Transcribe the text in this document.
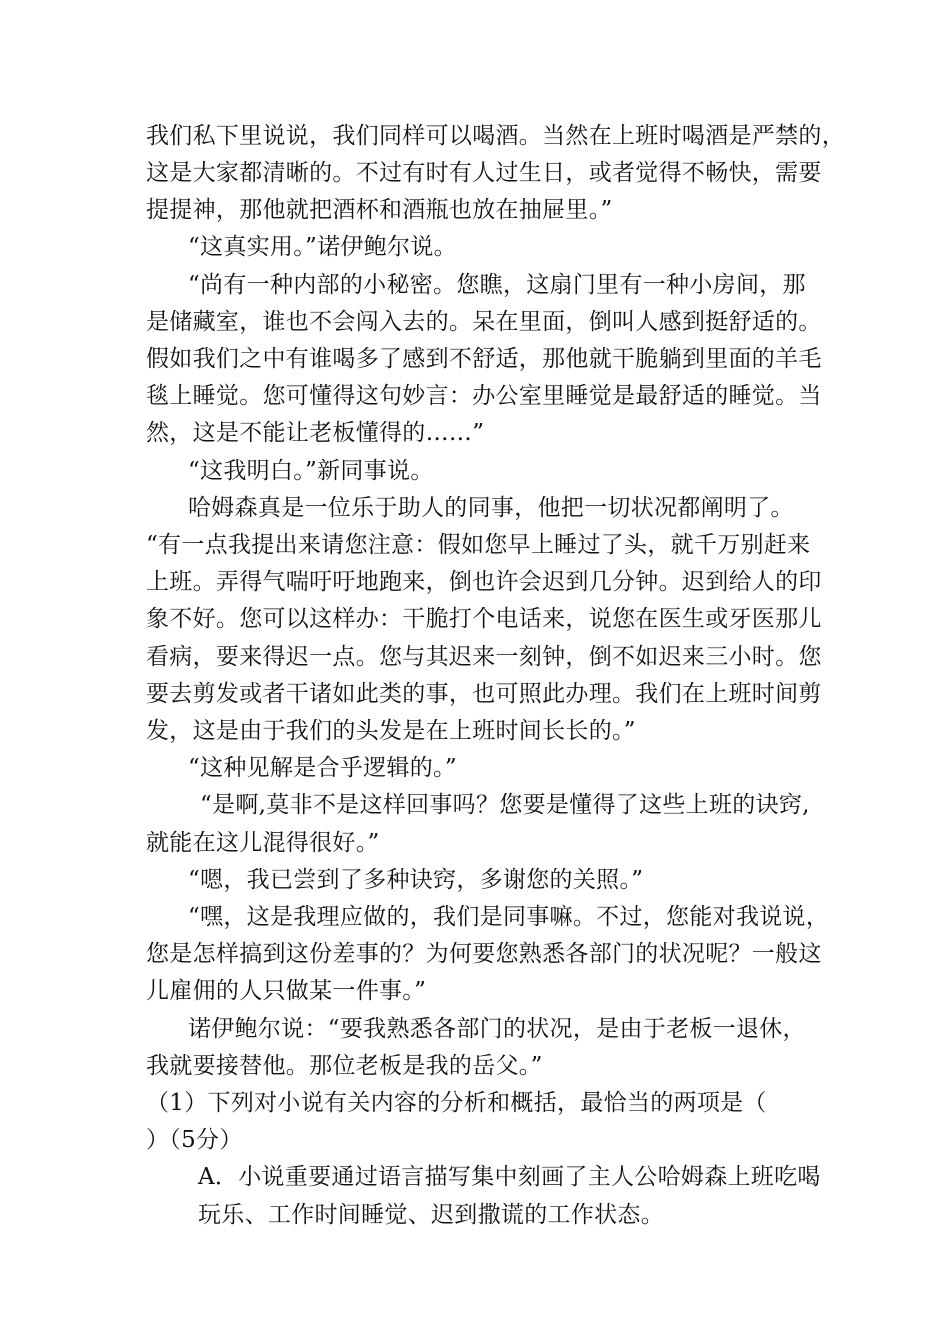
我们私下里说说，我们同样可以喝酒。当然在上班时喝酒是严禁的，
这是大家都清晰的。不过有时有人过生日，或者觉得不畅快，需要
提提神，那他就把酒杯和酒瓶也放在抽屉里。”
“这真实用。”诺伊鲍尔说。
“尚有一种内部的小秘密。您瞧，这扇门里有一种小房间，那
是储藏室，谁也不会闯入去的。呆在里面，倒叫人感到挺舒适的。
假如我们之中有谁喝多了感到不舒适，那他就干脆躺到里面的羊毛
毯上睡觉。您可懂得这句妙言：办公室里睡觉是最舒适的睡觉。当
然，这是不能让老板懂得的……”
“这我明白。”新同事说。
哈姆森真是一位乐于助人的同事，他把一切状况都阐明了。
“有一点我提出来请您注意：假如您早上睡过了头，就千万别赶来
上班。弄得气喘吁吁地跑来，倒也许会迟到几分钟。迟到给人的印
象不好。您可以这样办：干脆打个电话来，说您在医生或牙医那儿
看病，要来得迟一点。您与其迟来一刻钟，倒不如迟来三小时。您
要去剪发或者干诸如此类的事，也可照此办理。我们在上班时间剪
发，这是由于我们的头发是在上班时间长长的。”
“这种见解是合乎逻辑的。”
“是啊,莫非不是这样回事吗？您要是懂得了这些上班的诀窍,
就能在这儿混得很好。”
“嗯，我已尝到了多种诀窍，多谢您的关照。”
“嘿，这是我理应做的，我们是同事嘛。不过，您能对我说说，
您是怎样搞到这份差事的？为何要您熟悉各部门的状况呢？一般这
儿雇佣的人只做某一件事。”
诺伊鲍尔说：“要我熟悉各部门的状况，是由于老板一退休，
我就要接替他。那位老板是我的岳父。”
（1）下列对小说有关内容的分析和概括，最恰当的两项是（
）（5分）
A．小说重要通过语言描写集中刻画了主人公哈姆森上班吃喝
玩乐、工作时间睡觉、迟到撒谎的工作状态。
